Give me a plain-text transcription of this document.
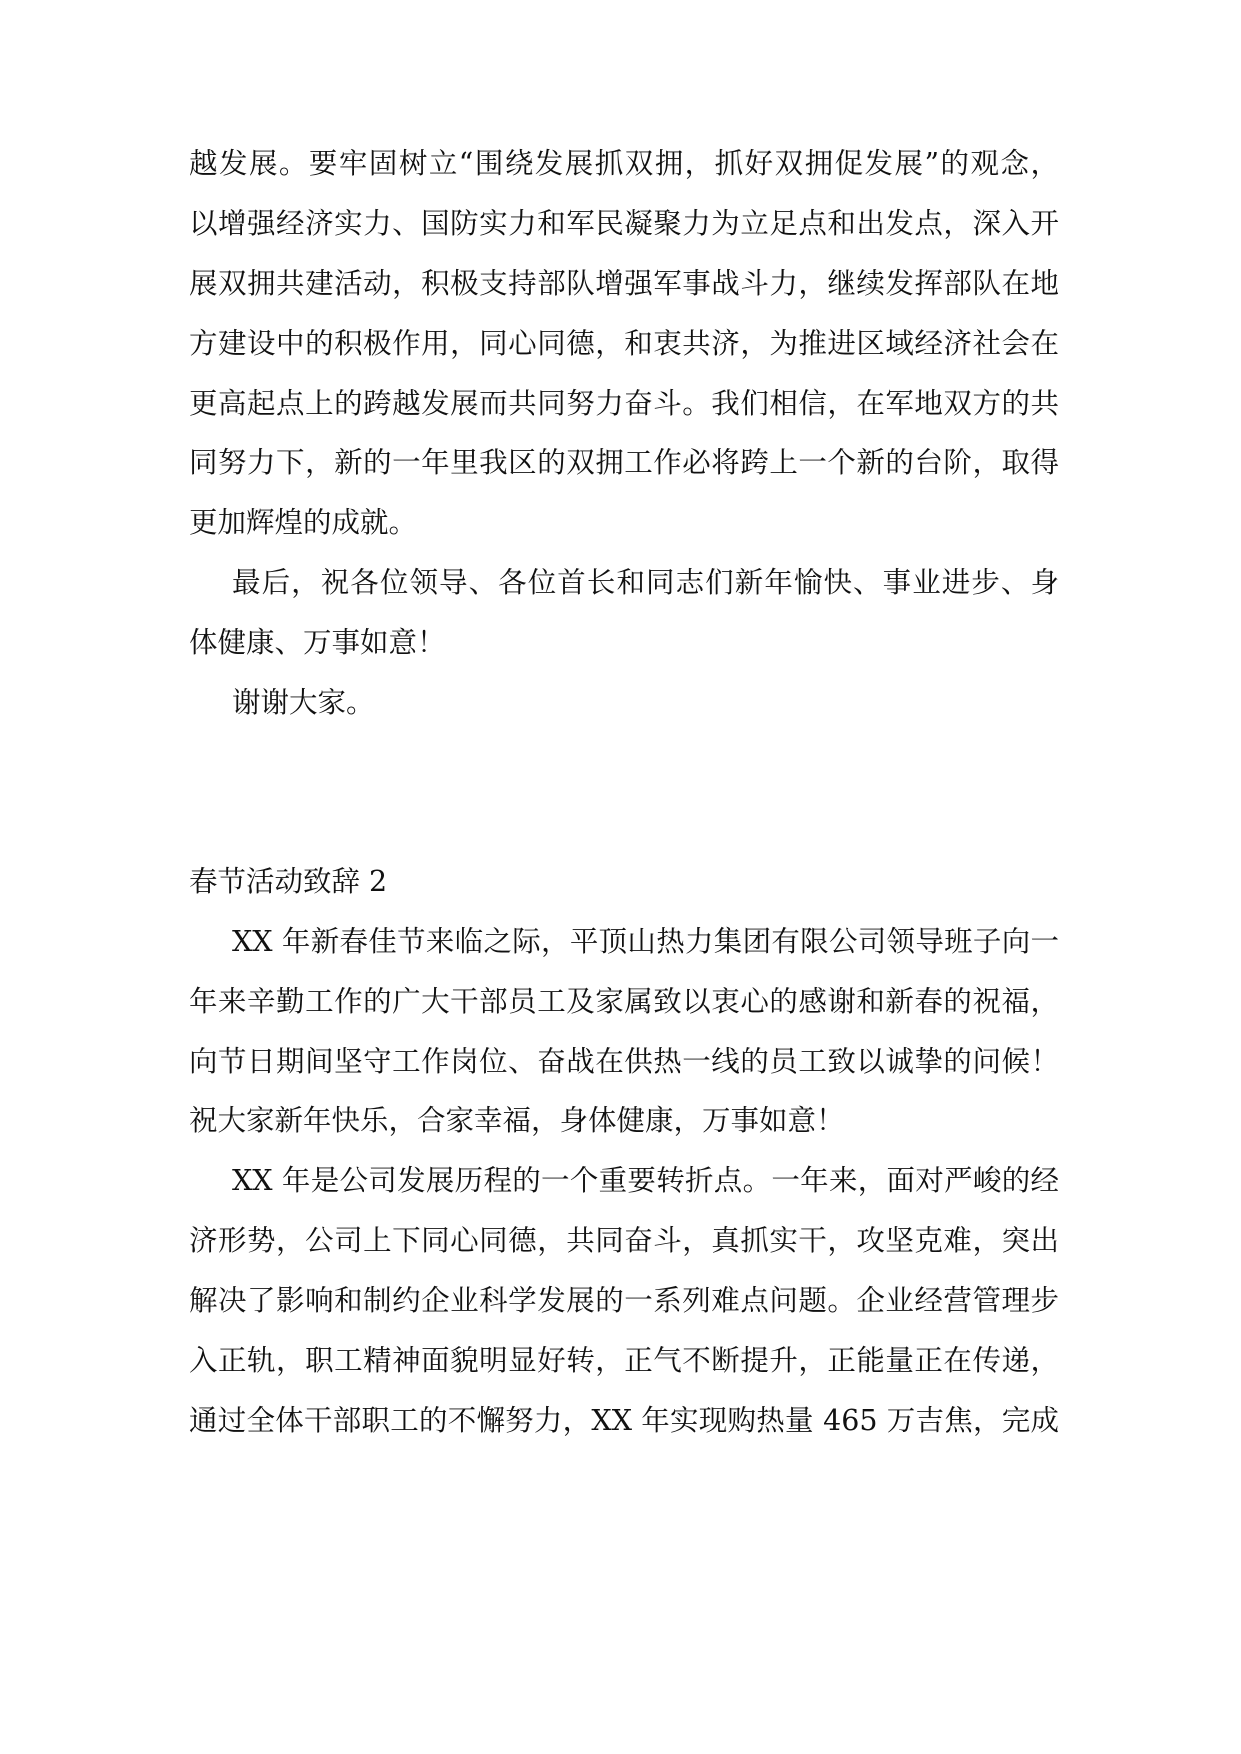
越发展。要牢固树立“围绕发展抓双拥，抓好双拥促发展”的观念，

以增强经济实力、国防实力和军民凝聚力为立足点和出发点，深入开

展双拥共建活动，积极支持部队增强军事战斗力，继续发挥部队在地

方建设中的积极作用，同心同德，和衷共济，为推进区域经济社会在

更高起点上的跨越发展而共同努力奋斗。我们相信，在军地双方的共

同努力下，新的一年里我区的双拥工作必将跨上一个新的台阶，取得

更加辉煌的成就。

最后，祝各位领导、各位首长和同志们新年愉快、事业进步、身

体健康、万事如意！

谢谢大家。

春节活动致辞 2

XX 年新春佳节来临之际，平顶山热力集团有限公司领导班子向一

年来辛勤工作的广大干部员工及家属致以衷心的感谢和新春的祝福，

向节日期间坚守工作岗位、奋战在供热一线的员工致以诚挚的问候！

祝大家新年快乐，合家幸福，身体健康，万事如意！

XX 年是公司发展历程的一个重要转折点。一年来，面对严峻的经

济形势，公司上下同心同德，共同奋斗，真抓实干，攻坚克难，突出

解决了影响和制约企业科学发展的一系列难点问题。企业经营管理步

入正轨，职工精神面貌明显好转，正气不断提升，正能量正在传递，

通过全体干部职工的不懈努力，XX 年实现购热量 465 万吉焦，完成
